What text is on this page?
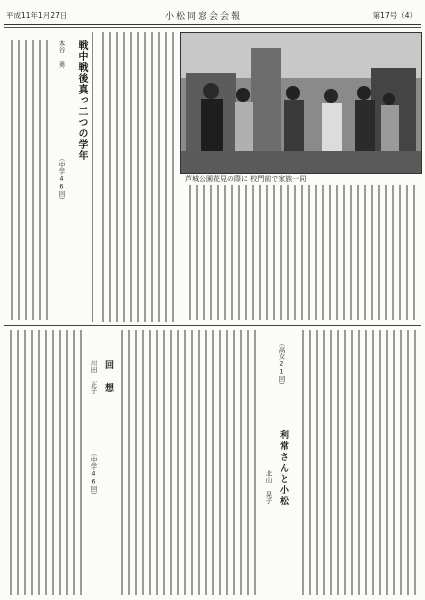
平成11年1月27日	小松同窓会会報	第17号（4）
芦城公園花見の際に 校門前で家族一同
戦中戦後真っ二つの学年
本谷 勇
（中学46回）
回 想
川田 正子
（中学46回）	利常さんと小松
北山 晃子
（高女21回）
